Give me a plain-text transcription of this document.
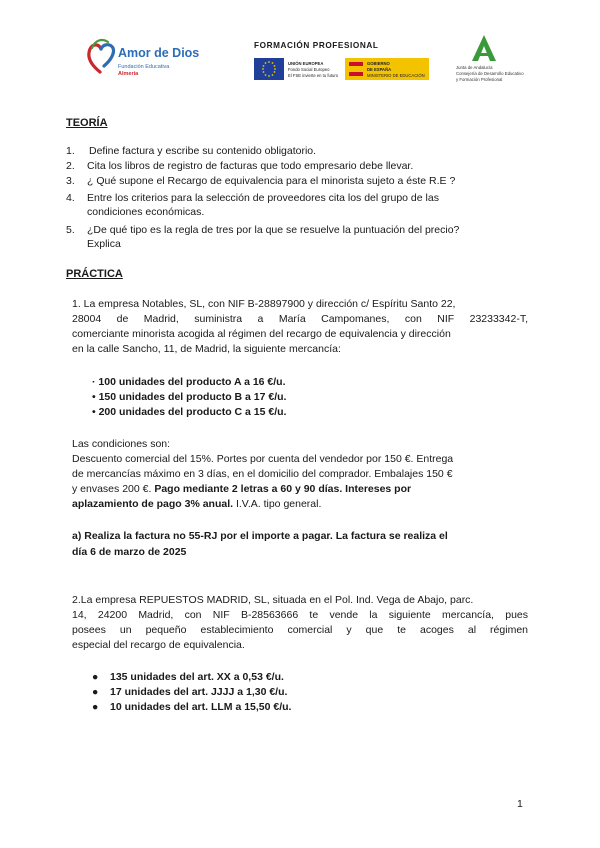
Amor de Dios
Fundación Educativa
Almería
FORMACIÓN PROFESIONAL
UNIÓN EUROPEA
Fondo Social Europeo
El FSE invierte en tu futuro
GOBIERNO
DE ESPAÑA
MINISTERIO DE EDUCACIÓN
Junta de Andalucía
Consejería de Desarrollo Educativo
y Formación Profesional
TEORÍA
1.	Define factura y escribe su contenido obligatorio.
2.	Cita los libros de registro de facturas que todo empresario debe llevar.
3.	¿ Qué supone el Recargo de equivalencia para el minorista sujeto a éste R.E ?
4.	Entre los criterios para la selección de proveedores cita los del grupo de las
condiciones económicas.
5.	¿De qué tipo es la regla de tres por la que se resuelve la puntuación del precio?
Explica
PRÁCTICA
1. La empresa Notables, SL, con NIF B-28897900 y dirección c/ Espíritu Santo 22,
28004 de Madrid, suministra a María Campomanes, con NIF 23233342-T,
comerciante minorista acogida al régimen del recargo de equivalencia y dirección
en la calle Sancho, 11, de Madrid, la siguiente mercancía:
· 100 unidades del producto A a 16 €/u.
• 150 unidades del producto B a 17 €/u.
• 200 unidades del producto C a 15 €/u.
Las condiciones son:
Descuento comercial del 15%. Portes por cuenta del vendedor por 150 €. Entrega
de mercancías máximo en 3 días, en el domicilio del comprador. Embalajes 150 €
y envases 200 €. Pago mediante 2 letras a 60 y 90 días. Intereses por
aplazamiento de pago 3% anual. I.V.A. tipo general.
a) Realiza la factura no 55-RJ por el importe a pagar. La factura se realiza el
día 6 de marzo de 2025
2.La empresa REPUESTOS MADRID, SL, situada en el Pol. Ind. Vega de Abajo, parc.
14, 24200 Madrid, con NIF B-28563666 te vende la siguiente mercancía, pues
posees un pequeño establecimiento comercial y que te acoges al régimen
especial del recargo de equivalencia.
● 135 unidades del art. XX a 0,53 €/u.
● 17 unidades del art. JJJJ a 1,30 €/u.
● 10 unidades del art. LLM a 15,50 €/u.
1
